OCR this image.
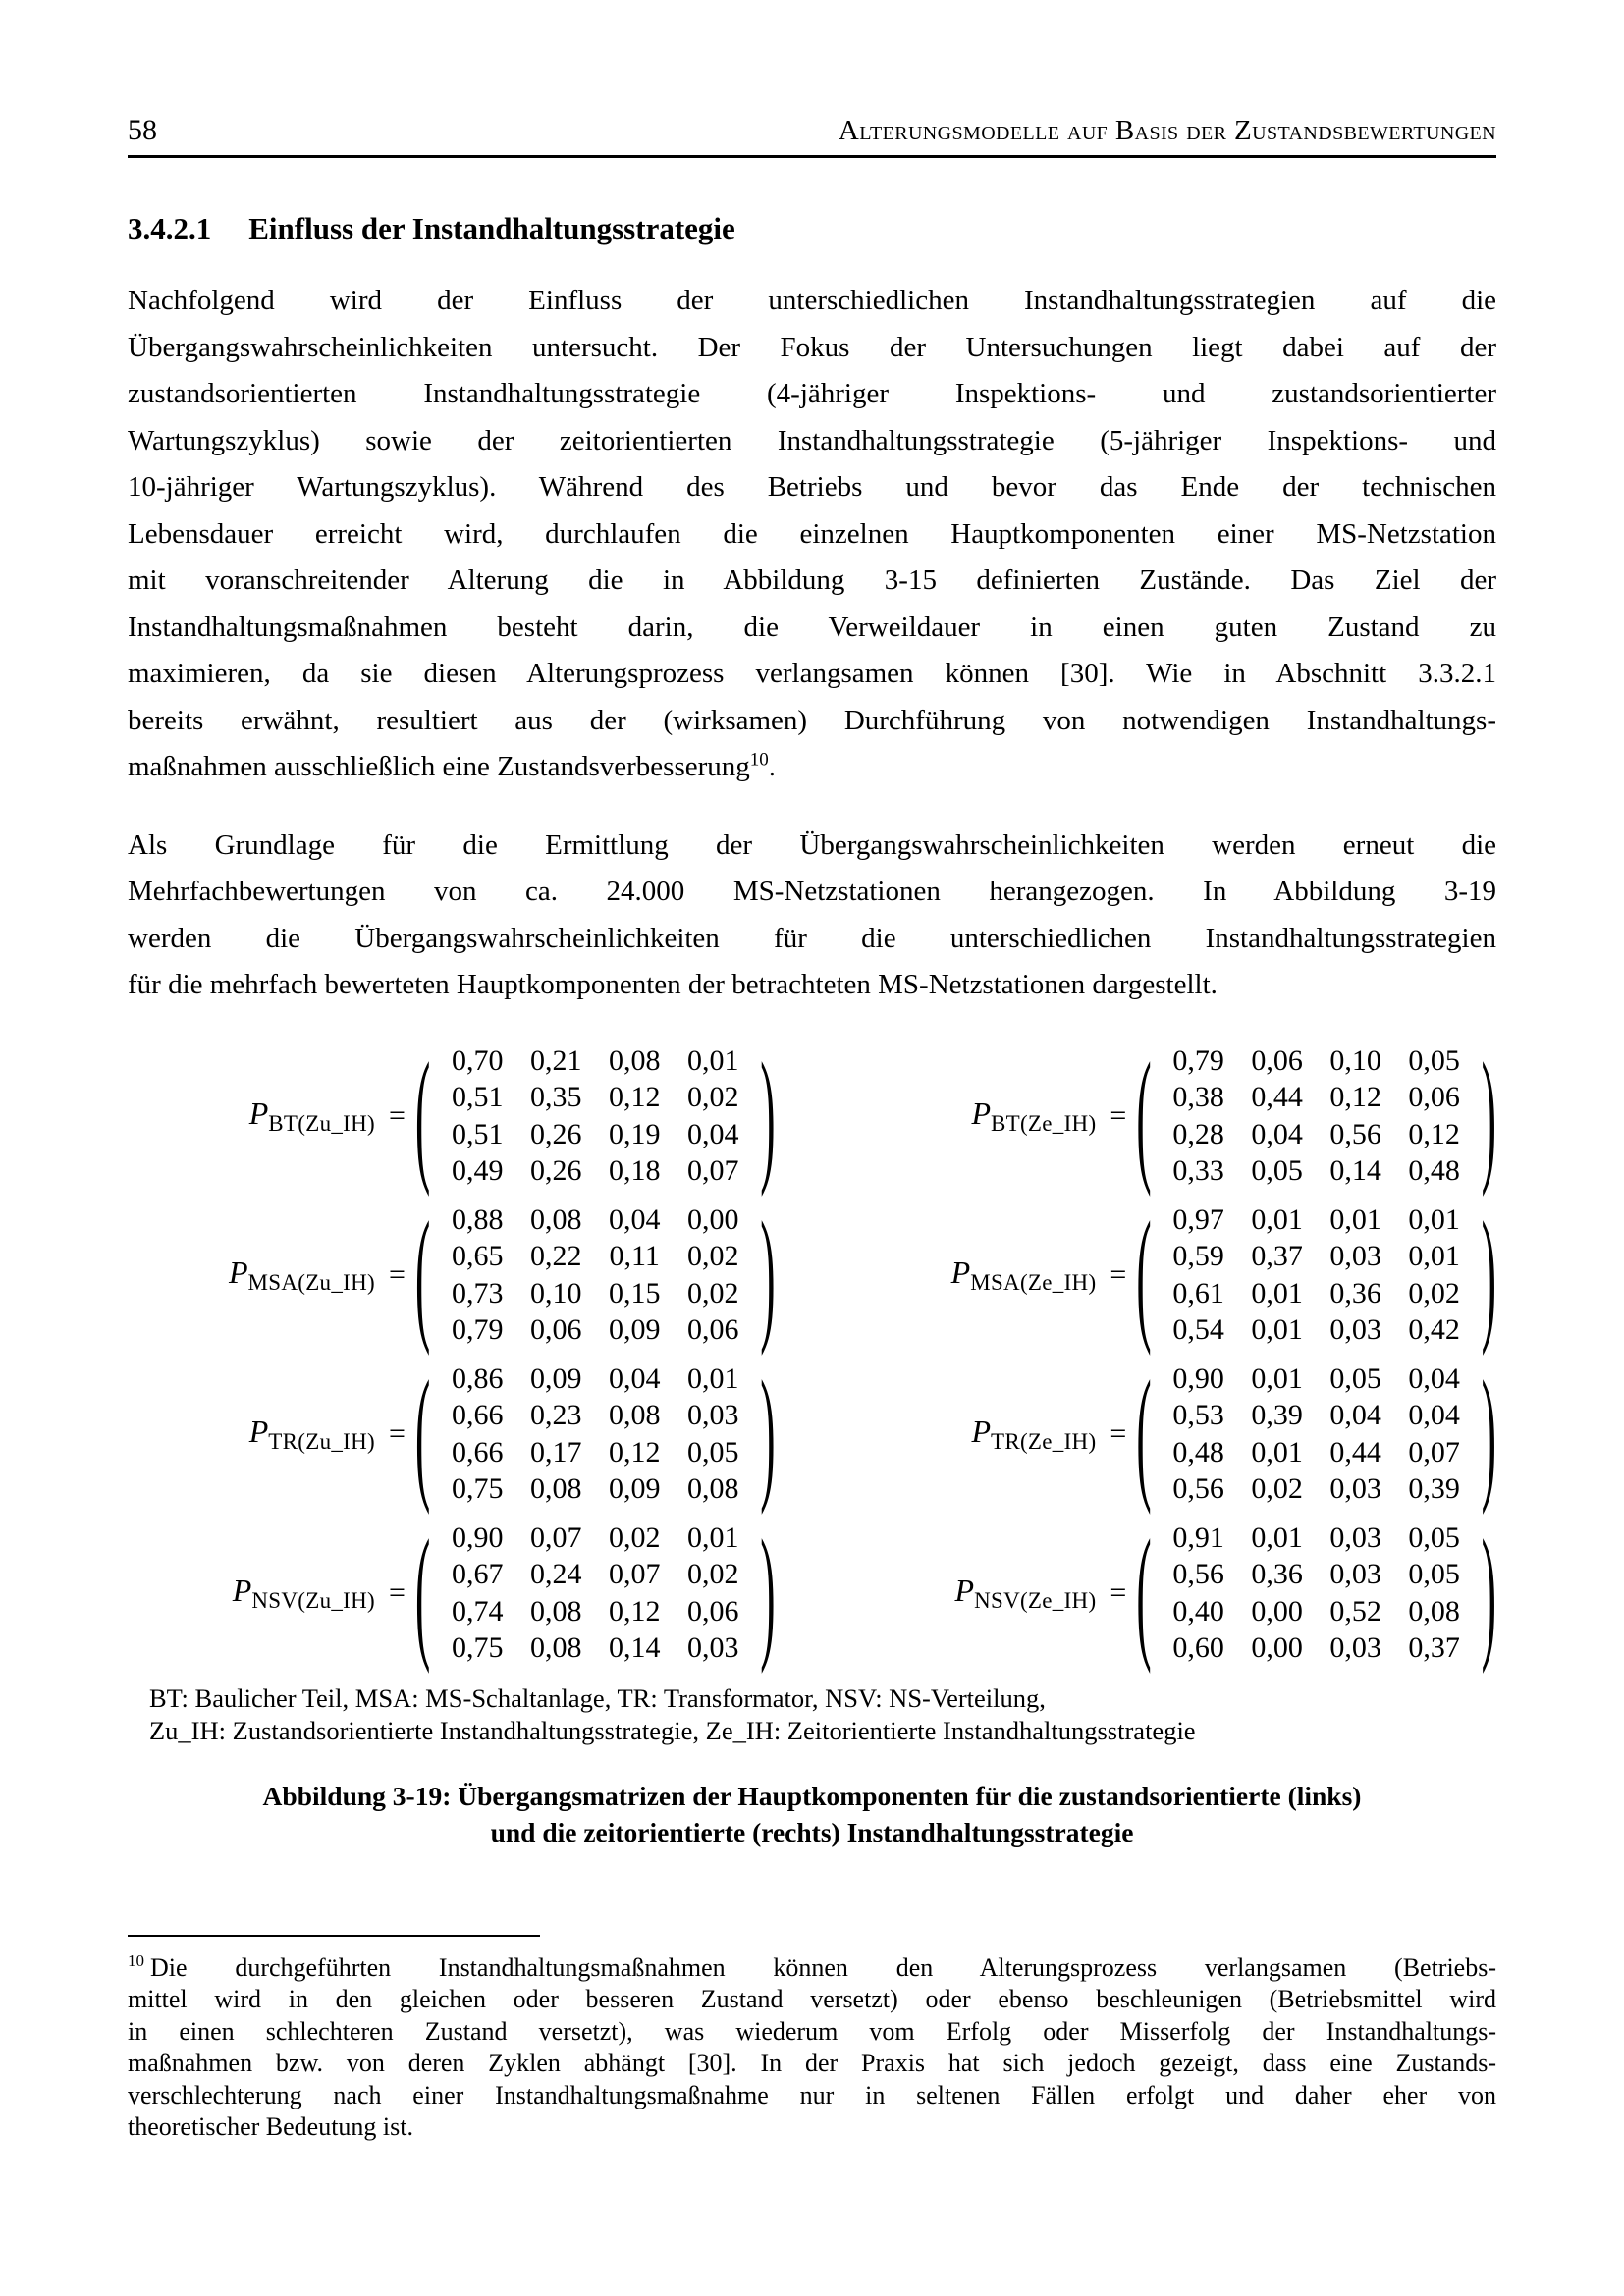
58	Alterungsmodelle auf Basis der Zustandsbewertungen
3.4.2.1 Einfluss der Instandhaltungsstrategie
Nachfolgend wird der Einfluss der unterschiedlichen Instandhaltungsstrategien auf die
Übergangswahrscheinlichkeiten untersucht. Der Fokus der Untersuchungen liegt dabei auf der
zustandsorientierten Instandhaltungsstrategie (4-jähriger Inspektions- und zustandsorientierter
Wartungszyklus) sowie der zeitorientierten Instandhaltungsstrategie (5-jähriger Inspektions- und
10-jähriger Wartungszyklus). Während des Betriebs und bevor das Ende der technischen
Lebensdauer erreicht wird, durchlaufen die einzelnen Hauptkomponenten einer MS-Netzstation
mit voranschreitender Alterung die in Abbildung 3-15 definierten Zustände. Das Ziel der
Instandhaltungsmaßnahmen besteht darin, die Verweildauer in einen guten Zustand zu
maximieren, da sie diesen Alterungsprozess verlangsamen können [30]. Wie in Abschnitt 3.3.2.1
bereits erwähnt, resultiert aus der (wirksamen) Durchführung von notwendigen Instandhaltungs-
maßnahmen ausschließlich eine Zustandsverbesserung$^{10}$.
Als Grundlage für die Ermittlung der Übergangswahrscheinlichkeiten werden erneut die
Mehrfachbewertungen von ca. 24.000 MS-Netzstationen herangezogen. In Abbildung 3-19
werden die Übergangswahrscheinlichkeiten für die unterschiedlichen Instandhaltungsstrategien
für die mehrfach bewerteten Hauptkomponenten der betrachteten MS-Netzstationen dargestellt.
$P_{BT(Zu\_IH)}$ = ( 0,70 0,21 0,08 0,01
0,51 0,35 0,12 0,02
0,51 0,26 0,19 0,04
0,49 0,26 0,18 0,07 )	$P_{BT(Ze\_IH)}$ = ( 0,79 0,06 0,10 0,05
0,38 0,44 0,12 0,06
0,28 0,04 0,56 0,12
0,33 0,05 0,14 0,48 )
$P_{MSA(Zu\_IH)}$ = ( 0,88 0,08 0,04 0,00
0,65 0,22 0,11 0,02
0,73 0,10 0,15 0,02
0,79 0,06 0,09 0,06 )	$P_{MSA(Ze\_IH)}$ = ( 0,97 0,01 0,01 0,01
0,59 0,37 0,03 0,01
0,61 0,01 0,36 0,02
0,54 0,01 0,03 0,42 )
$P_{TR(Zu\_IH)}$ = ( 0,86 0,09 0,04 0,01
0,66 0,23 0,08 0,03
0,66 0,17 0,12 0,05
0,75 0,08 0,09 0,08 )	$P_{TR(Ze\_IH)}$ = ( 0,90 0,01 0,05 0,04
0,53 0,39 0,04 0,04
0,48 0,01 0,44 0,07
0,56 0,02 0,03 0,39 )
$P_{NSV(Zu\_IH)}$ = ( 0,90 0,07 0,02 0,01
0,67 0,24 0,07 0,02
0,74 0,08 0,12 0,06
0,75 0,08 0,14 0,03 )	$P_{NSV(Ze\_IH)}$ = ( 0,91 0,01 0,03 0,05
0,56 0,36 0,03 0,05
0,40 0,00 0,52 0,08
0,60 0,00 0,03 0,37 )
BT: Baulicher Teil, MSA: MS-Schaltanlage, TR: Transformator, NSV: NS-Verteilung,
Zu_IH: Zustandsorientierte Instandhaltungsstrategie, Ze_IH: Zeitorientierte Instandhaltungsstrategie
Abbildung 3-19: Übergangsmatrizen der Hauptkomponenten für die zustandsorientierte (links)
und die zeitorientierte (rechts) Instandhaltungsstrategie
$^{10}$ Die durchgeführten Instandhaltungsmaßnahmen können den Alterungsprozess verlangsamen (Betriebs-
mittel wird in den gleichen oder besseren Zustand versetzt) oder ebenso beschleunigen (Betriebsmittel wird
in einen schlechteren Zustand versetzt), was wiederum vom Erfolg oder Misserfolg der Instandhaltungs-
maßnahmen bzw. von deren Zyklen abhängt [30]. In der Praxis hat sich jedoch gezeigt, dass eine Zustands-
verschlechterung nach einer Instandhaltungsmaßnahme nur in seltenen Fällen erfolgt und daher eher von
theoretischer Bedeutung ist.
